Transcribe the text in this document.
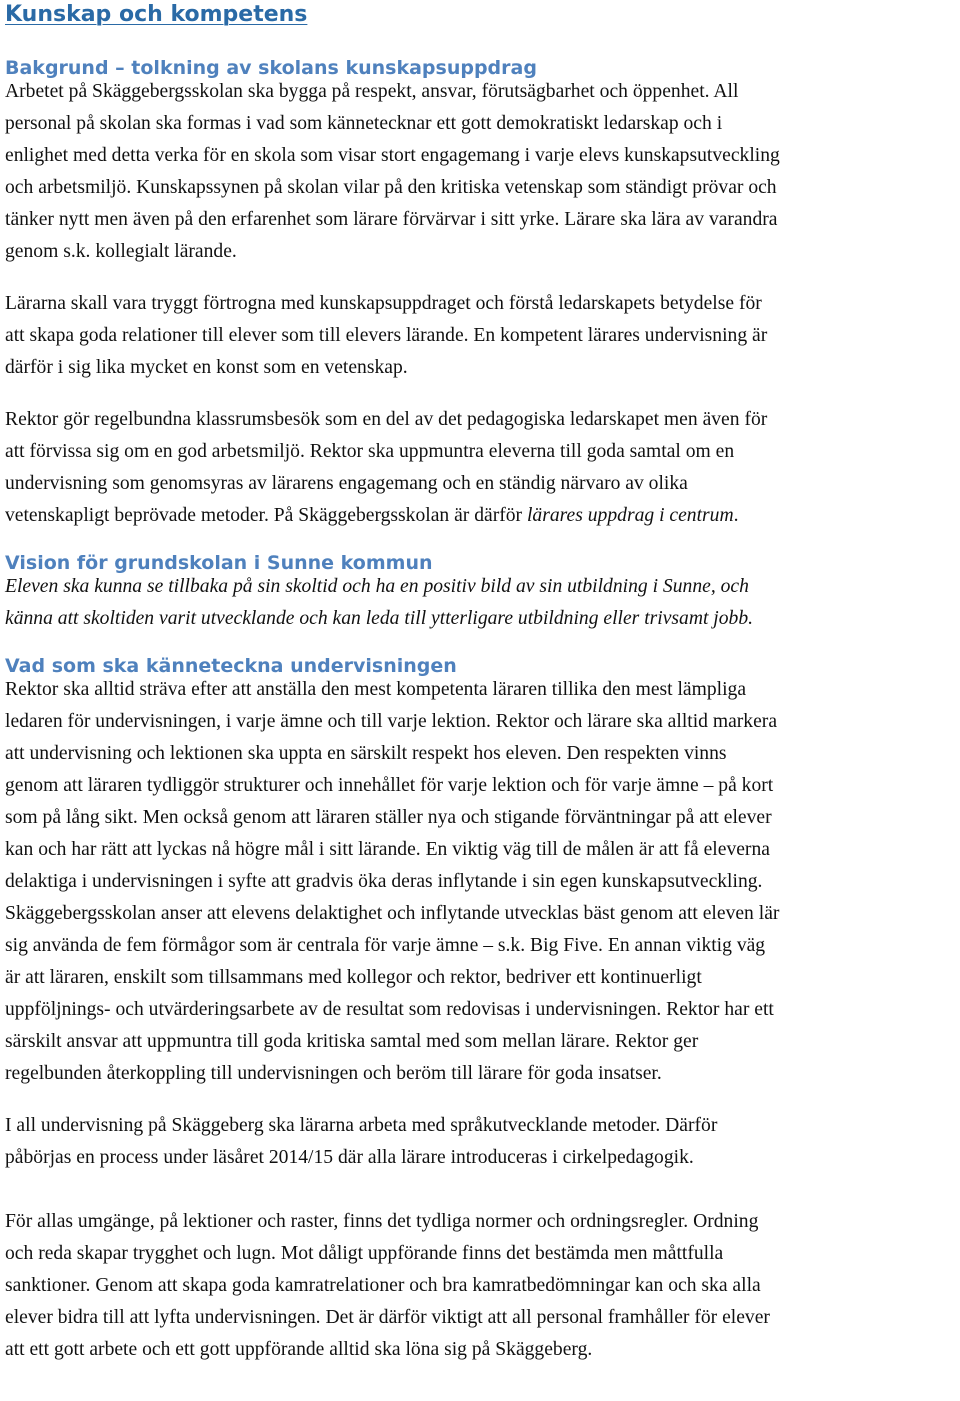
Kunskap och kompetens
Bakgrund – tolkning av skolans kunskapsuppdrag

Arbetet på Skäggebergsskolan ska bygga på respekt, ansvar, förutsägbarhet och öppenhet. All
personal på skolan ska formas i vad som kännetecknar ett gott demokratiskt ledarskap och i
enlighet med detta verka för en skola som visar stort engagemang i varje elevs kunskapsutveckling
och arbetsmiljö. Kunskapssynen på skolan vilar på den kritiska vetenskap som ständigt prövar och
tänker nytt men även på den erfarenhet som lärare förvärvar i sitt yrke. Lärare ska lära av varandra
genom s.k. kollegialt lärande.

Lärarna skall vara tryggt förtrogna med kunskapsuppdraget och förstå ledarskapets betydelse för
att skapa goda relationer till elever som till elevers lärande. En kompetent lärares undervisning är
därför i sig lika mycket en konst som en vetenskap.

Rektor gör regelbundna klassrumsbesök som en del av det pedagogiska ledarskapet men även för
att förvissa sig om en god arbetsmiljö. Rektor ska uppmuntra eleverna till goda samtal om en
undervisning som genomsyras av lärarens engagemang och en ständig närvaro av olika
vetenskapligt beprövade metoder. På Skäggebergsskolan är därför lärares uppdrag i centrum.

Vision för grundskolan i Sunne kommun

Eleven ska kunna se tillbaka på sin skoltid och ha en positiv bild av sin utbildning i Sunne, och
känna att skoltiden varit utvecklande och kan leda till ytterligare utbildning eller trivsamt jobb.

Vad som ska känneteckna undervisningen

Rektor ska alltid sträva efter att anställa den mest kompetenta läraren tillika den mest lämpliga
ledaren för undervisningen, i varje ämne och till varje lektion. Rektor och lärare ska alltid markera
att undervisning och lektionen ska uppta en särskilt respekt hos eleven. Den respekten vinns
genom att läraren tydliggör strukturer och innehållet för varje lektion och för varje ämne – på kort
som på lång sikt. Men också genom att läraren ställer nya och stigande förväntningar på att elever
kan och har rätt att lyckas nå högre mål i sitt lärande. En viktig väg till de målen är att få eleverna
delaktiga i undervisningen i syfte att gradvis öka deras inflytande i sin egen kunskapsutveckling.
Skäggebergsskolan anser att elevens delaktighet och inflytande utvecklas bäst genom att eleven lär
sig använda de fem förmågor som är centrala för varje ämne – s.k. Big Five. En annan viktig väg
är att läraren, enskilt som tillsammans med kollegor och rektor, bedriver ett kontinuerligt
uppföljnings- och utvärderingsarbete av de resultat som redovisas i undervisningen. Rektor har ett
särskilt ansvar att uppmuntra till goda kritiska samtal med som mellan lärare. Rektor ger
regelbunden återkoppling till undervisningen och beröm till lärare för goda insatser.

I all undervisning på Skäggeberg ska lärarna arbeta med språkutvecklande metoder. Därför
påbörjas en process under läsåret 2014/15 där alla lärare introduceras i cirkelpedagogik.

För allas umgänge, på lektioner och raster, finns det tydliga normer och ordningsregler. Ordning
och reda skapar trygghet och lugn. Mot dåligt uppförande finns det bestämda men måttfulla
sanktioner. Genom att skapa goda kamratrelationer och bra kamratbedömningar kan och ska alla
elever bidra till att lyfta undervisningen. Det är därför viktigt att all personal framhåller för elever
att ett gott arbete och ett gott uppförande alltid ska löna sig på Skäggeberg.
